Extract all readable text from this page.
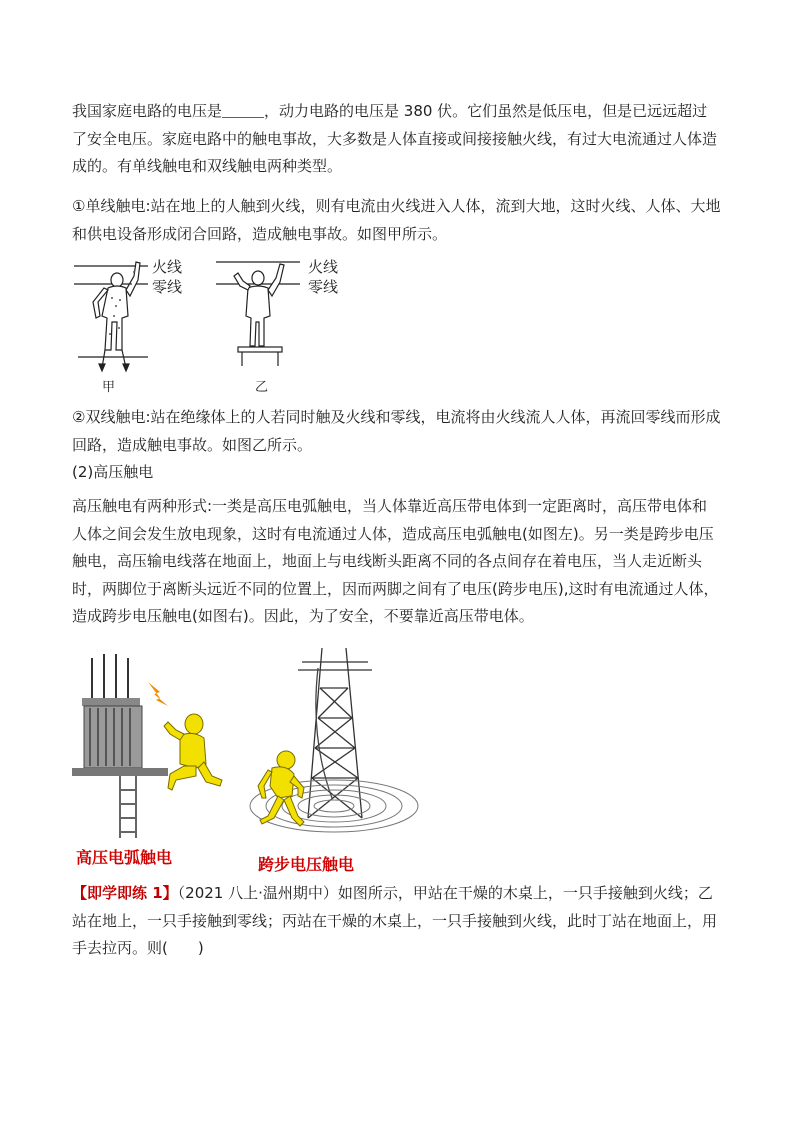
我国家庭电路的电压是	，动力电路的电压是 380 伏。它们虽然是低压电，但是已远远超过了安全电压。家庭电路中的触电事故，大多数是人体直接或间接接触火线，有过大电流通过人体造成的。有单线触电和双线触电两种类型。

①单线触电:站在地上的人触到火线，则有电流由火线进入人体，流到大地，这时火线、人体、大地和供电设备形成闭合回路，造成触电事故。如图甲所示。

火线
零线
火线
零线
甲	乙

②双线触电:站在绝缘体上的人若同时触及火线和零线，电流将由火线流人人体，再流回零线而形成回路，造成触电事故。如图乙所示。

(2)高压触电

高压触电有两种形式:一类是高压电弧触电，当人体靠近高压带电体到一定距离时，高压带电体和人体之间会发生放电现象，这时有电流通过人体，造成高压电弧触电(如图左)。另一类是跨步电压触电，高压输电线落在地面上，地面上与电线断头距离不同的各点间存在着电压，当人走近断头时，两脚位于离断头远近不同的位置上，因而两脚之间有了电压(跨步电压),这时有电流通过人体，造成跨步电压触电(如图右)。因此，为了安全，不要靠近高压带电体。

高压电弧触电	跨步电压触电

【即学即练 1】（2021 八上·温州期中）如图所示，甲站在干燥的木桌上，一只手接触到火线；乙站在地上，一只手接触到零线；丙站在干燥的木桌上，一只手接触到火线，此时丁站在地面上，用手去拉丙。则(　　)
